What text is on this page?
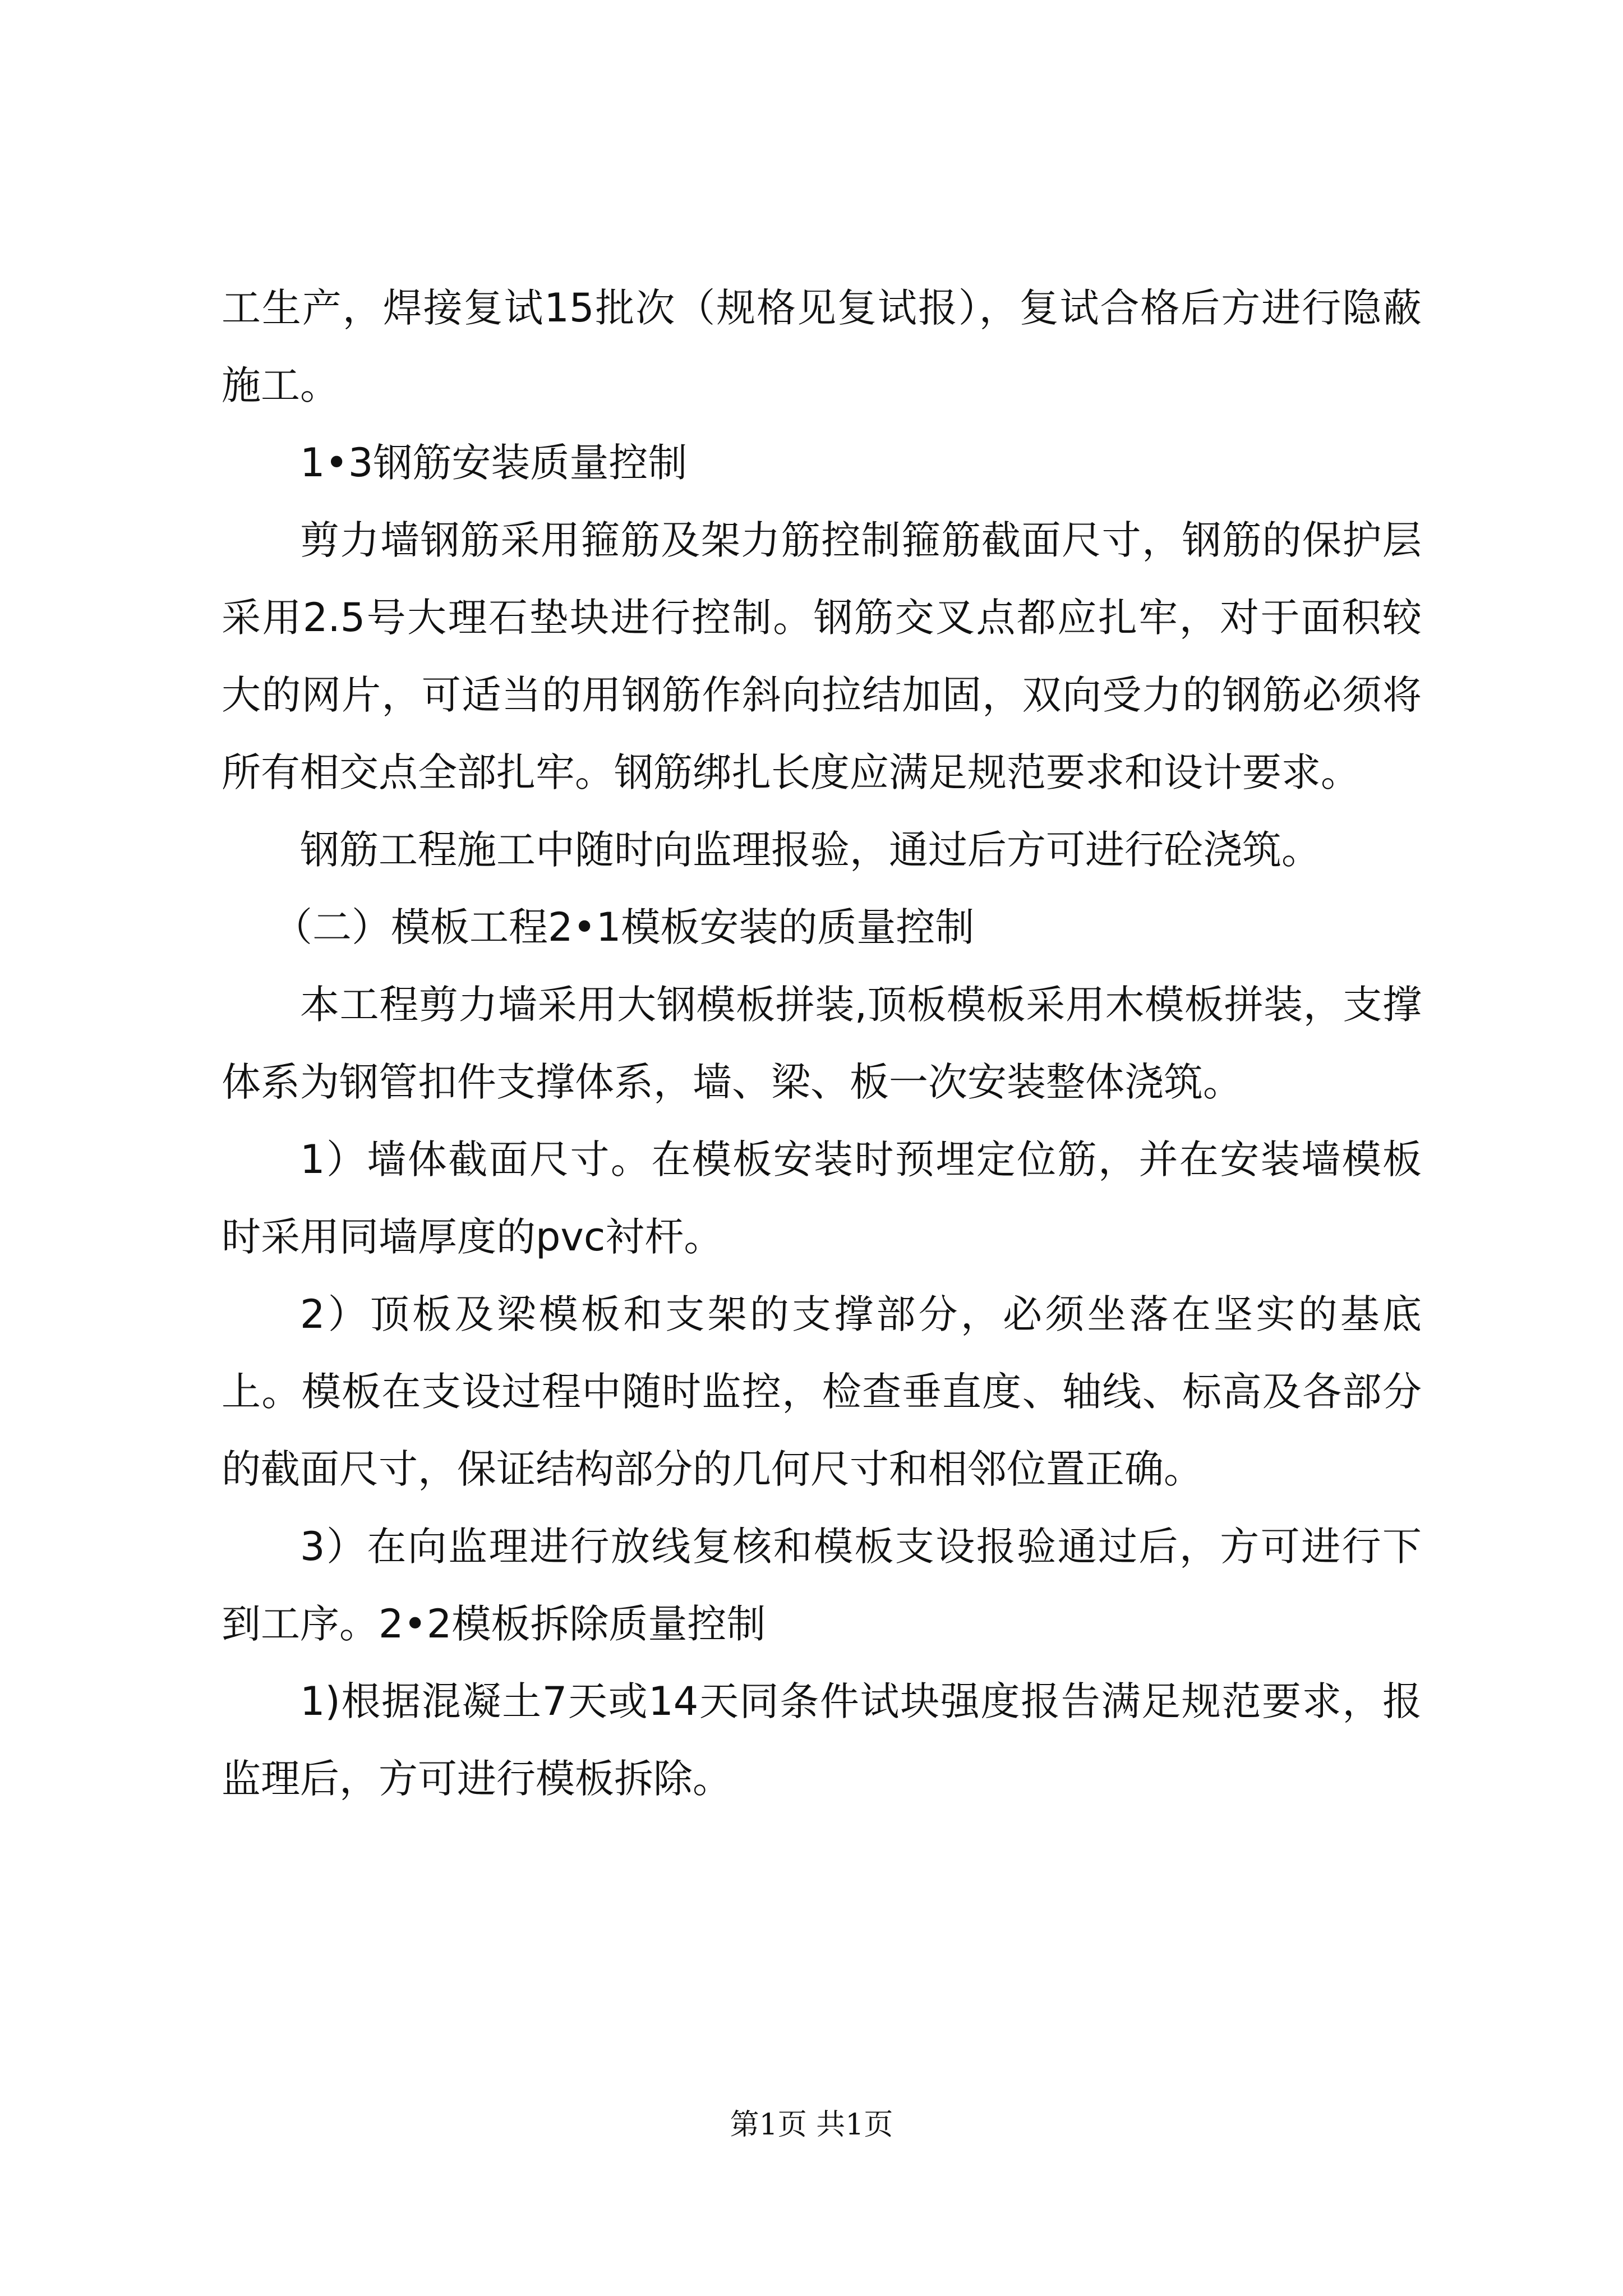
工生产，焊接复试15批次（规格见复试报），复试合格后方进行隐蔽施工。

1•3钢筋安装质量控制

剪力墙钢筋采用箍筋及架力筋控制箍筋截面尺寸，钢筋的保护层采用2.5号大理石垫块进行控制。钢筋交叉点都应扎牢，对于面积较大的网片，可适当的用钢筋作斜向拉结加固，双向受力的钢筋必须将所有相交点全部扎牢。钢筋绑扎长度应满足规范要求和设计要求。

钢筋工程施工中随时向监理报验，通过后方可进行砼浇筑。

（二）模板工程2•1模板安装的质量控制

本工程剪力墙采用大钢模板拼装,顶板模板采用木模板拼装，支撑体系为钢管扣件支撑体系，墙、梁、板一次安装整体浇筑。

1）墙体截面尺寸。在模板安装时预埋定位筋，并在安装墙模板时采用同墙厚度的pvc衬杆。

2）顶板及梁模板和支架的支撑部分，必须坐落在坚实的基底上。模板在支设过程中随时监控，检查垂直度、轴线、标高及各部分的截面尺寸，保证结构部分的几何尺寸和相邻位置正确。

3）在向监理进行放线复核和模板支设报验通过后，方可进行下到工序。2•2模板拆除质量控制

1)根据混凝土7天或14天同条件试块强度报告满足规范要求，报监理后，方可进行模板拆除。

第1页 共1页
